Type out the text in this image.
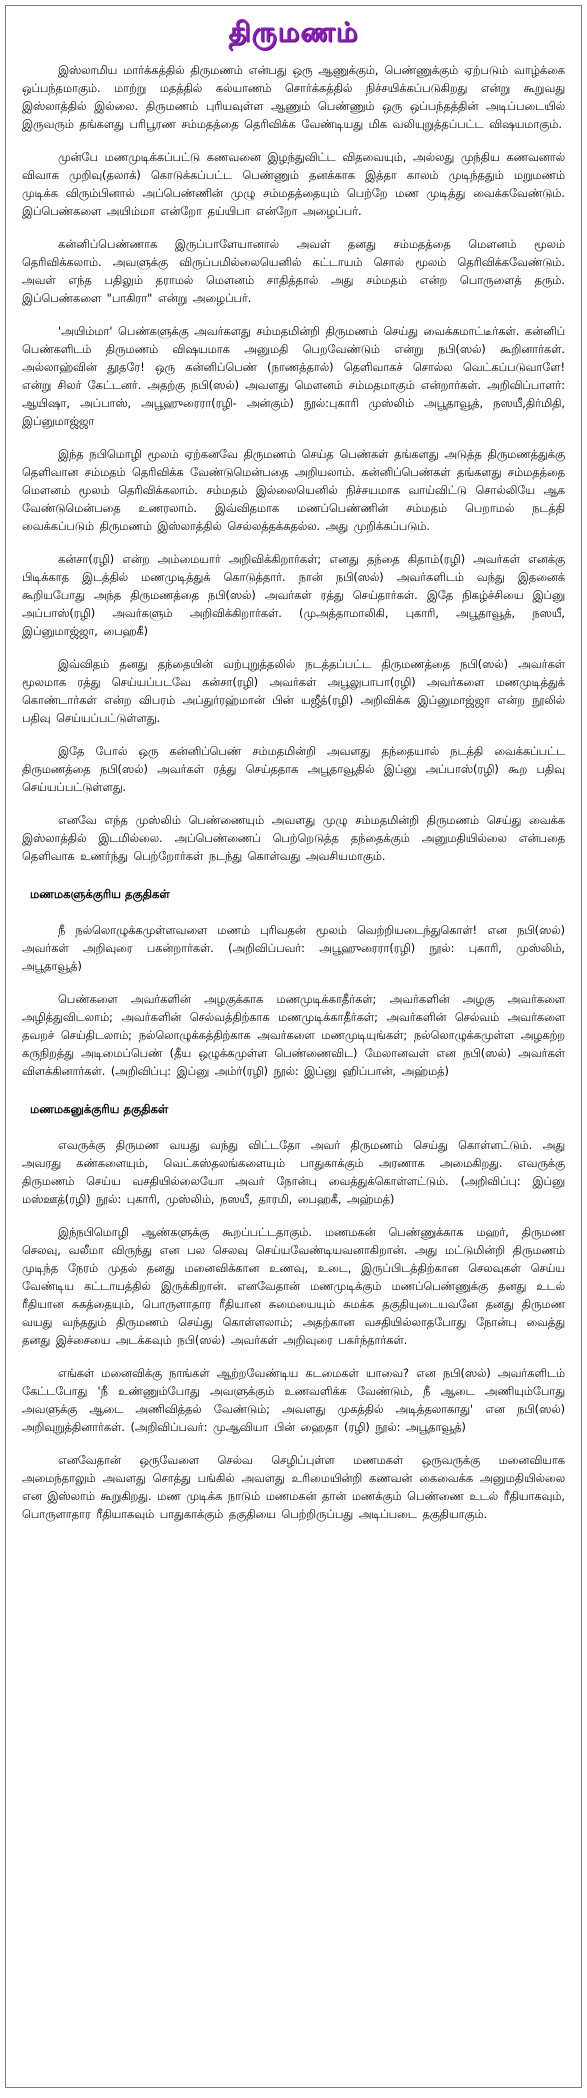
திருமணம்

இஸ்லாமிய மார்க்கத்தில் திருமணம் என்பது ஒரு ஆணுக்கும், பெண்ணுக்கும் ஏற்படும் வாழ்க்கை ஒப்பந்தமாகும். மாற்று மதத்தில் கல்யாணம் சொர்க்கத்தில் நிச்சயிக்கப்படுகிறது என்று கூறுவது இஸ்லாத்தில் இல்லை. திருமணம் புரியவுள்ள ஆணும் பெண்ணும் ஒரு ஒப்பந்தத்தின் அடிப்படையில் இருவரும் தங்களது பரிபூரண சம்மதத்தை தெரிவிக்க வேண்டியது மிக வலியுறுத்தப்பட்ட விஷயமாகும்.

முன்பே மணமுடிக்கப்பட்டு கணவனை இழந்துவிட்ட விதவையும், அல்லது முந்திய கணவனால் விவாக முறிவு(தலாக்) கொடுக்கப்பட்ட பெண்ணும் தனக்காக இத்தா காலம் முடிந்ததும் மறுமணம் முடிக்க விரும்பினால் அப்பெண்ணின் முழு சம்மதத்தையும் பெற்றே மண முடித்து வைக்கவேண்டும். இப்பெண்களை அயிம்மா என்றோ தய்யிபா என்றோ அழைப்பர்.

கன்னிப்பெண்ணாக இருப்பாளேயானால் அவள் தனது சம்மதத்தை மௌனம் மூலம் தெரிவிக்கலாம். அவளுக்கு விருப்பமில்லையெனில் கட்டாயம் சொல் மூலம் தெரிவிக்கவேண்டும். அவள் எந்த பதிலும் தராமல் மௌனம் சாதித்தால் அது சம்மதம் என்ற பொருளைத் தரும். இப்பெண்களை "பாகிரா" என்று அழைப்பர்.

'அயிம்மா' பெண்களுக்கு அவர்களது சம்மதமின்றி திருமணம் செய்து வைக்கமாட்டீர்கள். கன்னிப் பெண்களிடம் திருமணம் விஷயமாக அனுமதி பெறவேண்டும் என்று நபி(ஸல்) கூறினார்கள். அல்லாஹ்வின் தூதரே! ஒரு கன்னிப்பெண் (நாணத்தால்) தெளிவாகச் சொல்ல வெட்கப்படுவாளே! என்று சிலர் கேட்டனர். அதற்கு நபி(ஸல்) அவளது மௌனம் சம்மதமாகும் என்றார்கள். அறிவிப்பாளர்: ஆயிஷா, அப்பாஸ், அபூஹுரைரா(ரழி- அன்கும்) நூல்:புகாரி முஸ்லிம் அபூதாவூத், நஸயீ,திர்மிதி, இப்னுமாஜ்ஜா

இந்த நபிமொழி மூலம் ஏற்கனவே திருமணம் செய்த பெண்கள் தங்களது அடுத்த திருமணத்துக்கு தெளிவான சம்மதம் தெரிவிக்க வேண்டுமென்பதை அறியலாம். கன்னிப்பெண்கள் தங்களது சம்மதத்தை மௌனம் மூலம் தெரிவிக்கலாம். சம்மதம் இல்லையெனில் நிச்சயமாக வாய்விட்டு சொல்லியே ஆக வேண்டுமென்பதை உணரலாம். இவ்விதமாக மணப்பெண்ணின் சம்மதம் பெறாமல் நடத்தி வைக்கப்படும் திருமணம் இஸ்லாத்தில் செல்லத்தக்கதல்ல. அது முறிக்கப்படும்.

கன்சா(ரழி) என்ற அம்மையார் அறிவிக்கிறார்கள்; எனது தந்தை கிதாம்(ரழி) அவர்கள் எனக்கு பிடிக்காத இடத்தில் மணமுடித்துக் கொடுத்தார். நான் நபி(ஸல்) அவர்களிடம் வந்து இதனைக் கூறியபோது அந்த திருமணத்தை நபி(ஸல்) அவர்கள் ரத்து செய்தார்கள். இதே நிகழ்ச்சியை இப்னு அப்பாஸ்(ரழி) அவர்களும் அறிவிக்கிறார்கள். (முஅத்தாமாலிகி, புகாரி, அபூதாவூத், நஸயீ, இப்னுமாஜ்ஜா, பைஹகீ)

இவ்விதம் தனது தந்தையின் வற்புறுத்தலில் நடத்தப்பட்ட திருமணத்தை நபி(ஸல்) அவர்கள் மூலமாக ரத்து செய்யப்படவே கன்சா(ரழி) அவர்கள் அபூலுபாபா(ரழி) அவர்களை மணமுடித்துக் கொண்டார்கள் என்ற விபரம் அப்துர்ரஹ்மான் பின் யஜீத்(ரழி) அறிவிக்க இப்னுமாஜ்ஜா என்ற நூலில் பதிவு செய்யப்பட்டுள்ளது.

இதே போல் ஒரு கன்னிப்பெண் சம்மதமின்றி அவளது தந்தையால் நடத்தி வைக்கப்பட்ட திருமணத்தை நபி(ஸல்) அவர்கள் ரத்து செய்ததாக அபூதாவூதில் இப்னு அப்பாஸ்(ரழி) கூற பதிவு செய்யப்பட்டுள்ளது.

எனவே எந்த முஸ்லிம் பெண்ணையும் அவளது முழு சம்மதமின்றி திருமணம் செய்து வைக்க இஸ்லாத்தில் இடமில்லை. அப்பெண்ணைப் பெற்றெடுத்த தந்தைக்கும் அனுமதியில்லை என்பதை தெளிவாக உணர்ந்து பெற்றோர்கள் நடந்து கொள்வது அவசியமாகும்.

மணமகளுக்குரிய தகுதிகள்

நீ நல்லொழுக்கமுள்ளவளை மணம் புரிவதன் மூலம் வெற்றியடைந்துகொள்! என நபி(ஸல்) அவர்கள் அறிவுரை பகன்றார்கள். (அறிவிப்பவர்: அபூஹுரைரா(ரழி) நூல்: புகாரி, முஸ்லிம், அபூதாவூத்)

பெண்களை அவர்களின் அழகுக்காக மணமுடிக்காதீர்கள்; அவர்களின் அழகு அவர்களை அழித்துவிடலாம்; அவர்களின் செல்வத்திற்காக மணமுடிக்காதீர்கள்; அவர்களின் செல்வம் அவர்களை தவறச் செய்திடலாம்; நல்லொழுக்கத்திற்காக அவர்களை மணமுடியுங்கள்; நல்லொழுக்கமுள்ள அழகற்ற கருநிறத்து அடிமைப்பெண் (தீய ஒழுக்கமுள்ள பெண்ணைவிட) மேலானவள் என நபி(ஸல்) அவர்கள் விளக்கினார்கள். (அறிவிப்பு: இப்னு அம்ர்(ரழி) நூல்: இப்னு ஹிப்பான், அஹ்மத்)

மணமகனுக்குரிய தகுதிகள்

எவருக்கு திருமண வயது வந்து விட்டதோ அவர் திருமணம் செய்து கொள்ளட்டும். அது அவரது கண்களையும், வெட்கஸ்தலங்களையும் பாதுகாக்கும் அரணாக அமைகிறது. எவருக்கு திருமணம் செய்ய வசதியில்லையோ அவர் நோன்பு வைத்துக்கொள்ளட்டும். (அறிவிப்பு: இப்னு மஸ்ஊத்(ரழி) நூல்: புகாரி, முஸ்லிம், நஸயீ, தாரமி, பைஹகீ, அஹ்மத்)

இந்நபிமொழி ஆண்களுக்கு கூறப்பட்டதாகும். மணமகன் பெண்ணுக்காக மஹர், திருமண செலவு, வலீமா விருந்து என பல செலவு செய்யவேண்டியவனாகிறான். அது மட்டுமின்றி திருமணம் முடிந்த நேரம் முதல் தனது மனைவிக்கான உணவு, உடை, இருப்பிடத்திற்கான செலவுகள் செய்ய வேண்டிய கட்டாயத்தில் இருக்கிறான். எனவேதான் மணமுடிக்கும் மணப்பெண்ணுக்கு தனது உடல் ரீதியான சுகத்தையும், பொருளாதார ரீதியான சுமையையும் சுமக்க தகுதியுடையவனே தனது திருமண வயது வந்ததும் திருமணம் செய்து கொள்ளலாம்; அதற்கான வசதியில்லாதபோது நோன்பு வைத்து தனது இச்சையை அடக்கவும் நபி(ஸல்) அவர்கள் அறிவுரை பகர்ந்தார்கள்.

எங்கள் மனைவிக்கு நாங்கள் ஆற்றவேண்டிய கடமைகள் யாவை? என நபி(ஸல்) அவர்களிடம் கேட்டபோது 'நீ உண்ணும்போது அவளுக்கும் உணவளிக்க வேண்டும், நீ ஆடை அணியும்போது அவளுக்கு ஆடை அணிவித்தல் வேண்டும்; அவளது முகத்தில் அடித்தலாகாது' என நபி(ஸல்) அறிவுறுத்தினார்கள். (அறிவிப்பவர்: முஆவியா பின் ஹைதா (ரழி) நூல்: அபூதாவூத்)

எனவேதான் ஒருவேளை செல்வ செழிப்புள்ள மணமகள் ஒருவருக்கு மனைவியாக அமைந்தாலும் அவளது சொத்து பங்கில் அவளது உரிமையின்றி கணவன் கைவைக்க அனுமதியில்லை என இஸ்லாம் கூறுகிறது. மண முடிக்க நாடும் மணமகன் தான் மணக்கும் பெண்ணை உடல் ரீதியாகவும், பொருளாதார ரீதியாகவும் பாதுகாக்கும் தகுதியை பெற்றிருப்பது அடிப்படை தகுதியாகும்.
